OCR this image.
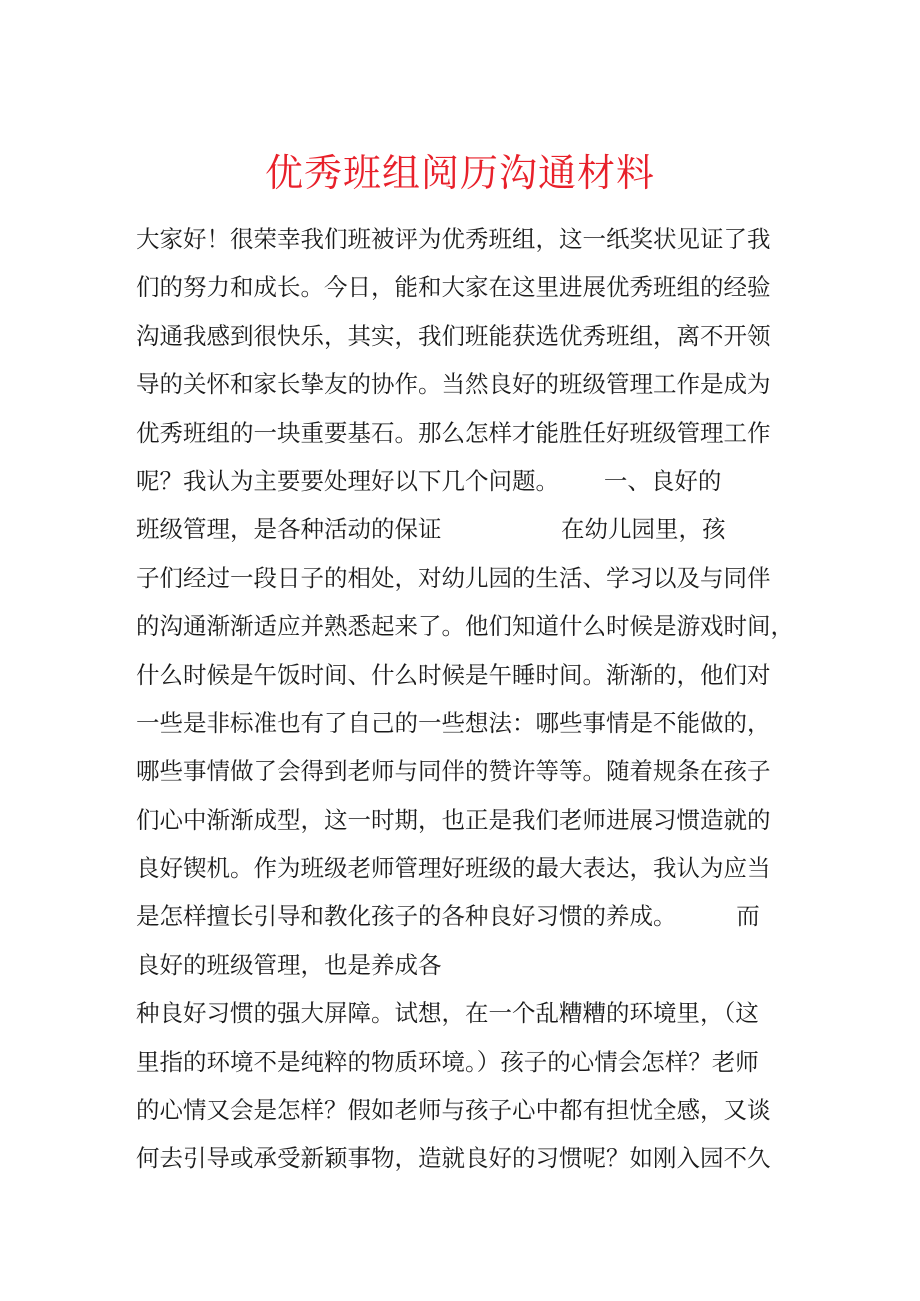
优秀班组阅历沟通材料
大家好！很荣幸我们班被评为优秀班组，这一纸奖状见证了我
们的努力和成长。今日，能和大家在这里进展优秀班组的经验
沟通我感到很快乐，其实，我们班能获选优秀班组，离不开领
导的关怀和家长挚友的协作。当然良好的班级管理工作是成为
优秀班组的一块重要基石。那么怎样才能胜任好班级管理工作
呢？我认为主要要处理好以下几个问题。      一、良好的
班级管理，是各种活动的保证                在幼儿园里，孩
子们经过一段日子的相处，对幼儿园的生活、学习以及与同伴
的沟通渐渐适应并熟悉起来了。他们知道什么时候是游戏时间，
什么时候是午饭时间、什么时候是午睡时间。渐渐的，他们对
一些是非标准也有了自己的一些想法：哪些事情是不能做的，
哪些事情做了会得到老师与同伴的赞许等等。随着规条在孩子
们心中渐渐成型，这一时期，也正是我们老师进展习惯造就的
良好锲机。作为班级老师管理好班级的最大表达，我认为应当
是怎样擅长引导和教化孩子的各种良好习惯的养成。        而
良好的班级管理，也是养成各
种良好习惯的强大屏障。试想，在一个乱糟糟的环境里，（这
里指的环境不是纯粹的物质环境。）孩子的心情会怎样？老师
的心情又会是怎样？假如老师与孩子心中都有担忧全感，又谈
何去引导或承受新颖事物，造就良好的习惯呢？如刚入园不久
